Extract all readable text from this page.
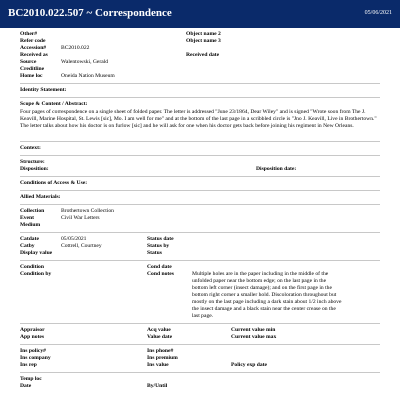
BC2010.022.507 ~ Correspondence	05/06/2021
Other#	Object name 2
Refer code	Object name 3
Accession#	BC2010.022
Received as	Received date
Source	Walentowski, Gerald
Creditline
Home loc	Oneida Nation Museum
Identity Statement:
Scope & Content / Abstract:
Four pages of correspondence on a single sheet of folded paper. The letter is addressed "June 23/1864, Dear Wiley" and is signed "Wrote soon from The J. Keavill, Marine Hospital, St. Lewis [sic], Mo. I am well for me" and at the bottom of the last page in a scribbled circle is "Jno J. Keavill, Live in Brothertown." The letter talks about how his doctor is on furlow [sic] and he will ask for one when his doctor gets back before joining his regiment in New Orleans.
Context:
Structure:
Disposition:	Disposition date:
Conditions of Access & Use:
Allied Materials:
Collection	Brothertown Collection
Event	Civil War Letters
Medium
Catdate	05/05/2021	Status date
Catby	Cottrell, Courtney	Status by
Display value	Status
Condition	Cond date
Condition by	Cond notes	Multiple holes are in the paper including in the middle of the unfolded paper near the bottom edge; on the last page in the bottom left corner (insect damage); and on the first page in the bottom right corner a smaller hold. Discoloration throughout but mostly on the last page including a dark stain about 1/2 inch above the insect damage and a black stain near the center crease on the last page.
Appraisor	Acq value	Current value min
App notes	Value date	Current value max
Ins policy#	Ins phone#
Ins company	Ins premium
Ins rep	Ins value	Policy exp date
Temp loc
Date	By/Until
